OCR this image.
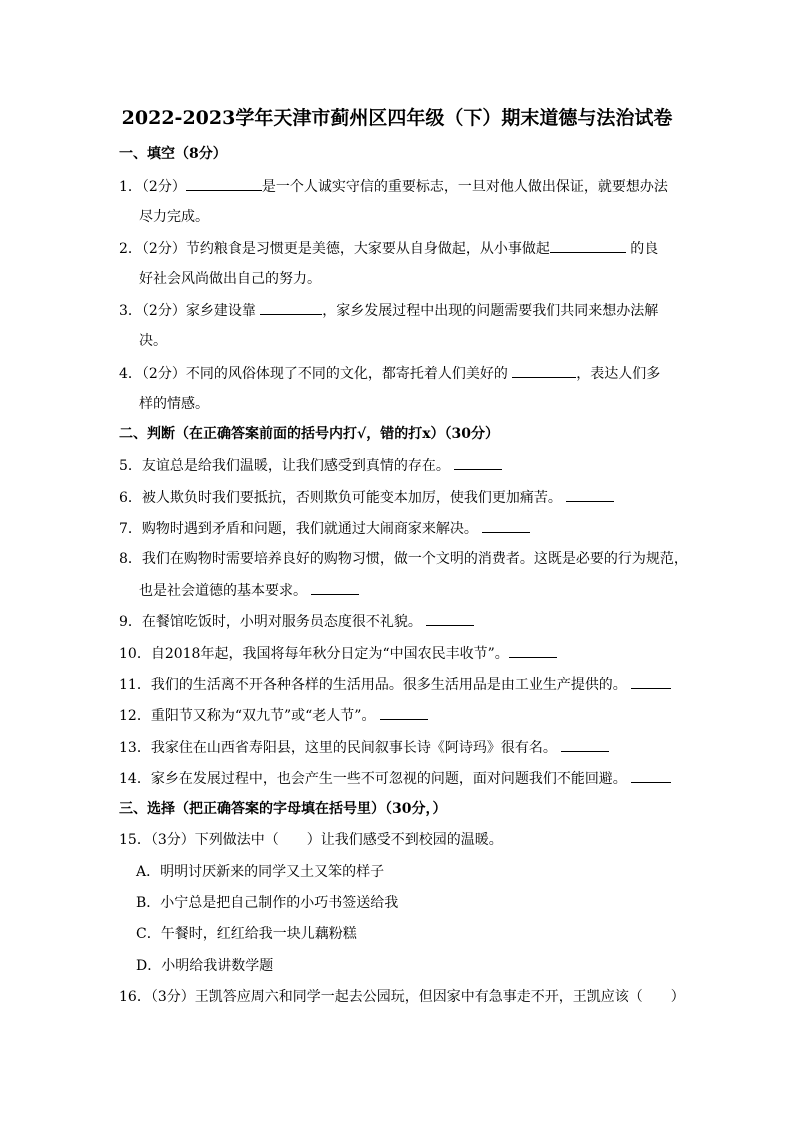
2022-2023学年天津市蓟州区四年级（下）期末道德与法治试卷
一、填空（8分）
1．（2分）	是一个人诚实守信的重要标志，一旦对他人做出保证，就要想办法
尽力完成。
2．（2分）节约粮食是习惯更是美德，大家要从自身做起，从小事做起	的良
好社会风尚做出自己的努力。
3．（2分）家乡建设靠	，家乡发展过程中出现的问题需要我们共同来想办法解
决。
4．（2分）不同的风俗体现了不同的文化，都寄托着人们美好的	，表达人们多
样的情感。
二、判断（在正确答案前面的括号内打√，错的打x）（30分）
5．友谊总是给我们温暖，让我们感受到真情的存在。
6．被人欺负时我们要抵抗，否则欺负可能变本加厉，使我们更加痛苦。
7．购物时遇到矛盾和问题，我们就通过大闹商家来解决。
8．我们在购物时需要培养良好的购物习惯，做一个文明的消费者。这既是必要的行为规范，
也是社会道德的基本要求。
9．在餐馆吃饭时，小明对服务员态度很不礼貌。
10．自2018年起，我国将每年秋分日定为“中国农民丰收节”。
11．我们的生活离不开各种各样的生活用品。很多生活用品是由工业生产提供的。
12．重阳节又称为“双九节”或“老人节”。
13．我家住在山西省寿阳县，这里的民间叙事长诗《阿诗玛》很有名。
14．家乡在发展过程中，也会产生一些不可忽视的问题，面对问题我们不能回避。
三、选择（把正确答案的字母填在括号里）（30分，）
15．（3分）下列做法中（　　）让我们感受不到校园的温暖。
A．明明讨厌新来的同学又土又笨的样子
B．小宁总是把自己制作的小巧书签送给我
C．午餐时，红红给我一块儿藕粉糕
D．小明给我讲数学题
16．（3分）王凯答应周六和同学一起去公园玩，但因家中有急事走不开，王凯应该（　　）
